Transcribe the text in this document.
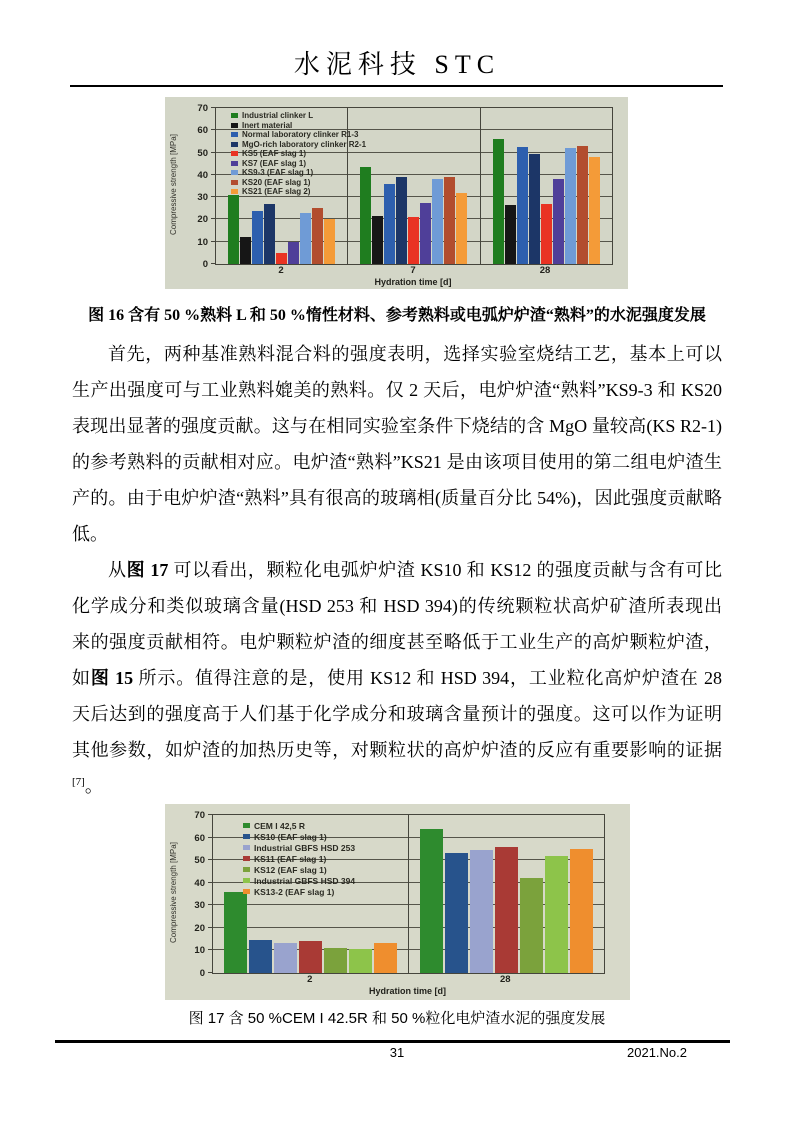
水泥科技 STC
Compressive strength [MPa]
0
10
20
30
40
50
60
70
Industrial clinker L
Inert material
Normal laboratory clinker R1-3
MgO-rich laboratory clinker R2-1
KS5 (EAF slag 1)
KS7 (EAF slag 1)
KS9-3 (EAF slag 1)
KS20 (EAF slag 1)
KS21 (EAF slag 2)
2	7	28
Hydration time [d]
图 16 含有 50 %熟料 L 和 50 %惰性材料、参考熟料或电弧炉炉渣“熟料”的水泥强度发展
首先，两种基准熟料混合料的强度表明，选择实验室烧结工艺，基本上可以
生产出强度可与工业熟料媲美的熟料。仅 2 天后，电炉炉渣“熟料”KS9-3 和 KS20
表现出显著的强度贡献。这与在相同实验室条件下烧结的含 MgO 量较高(KS R2-1)
的参考熟料的贡献相对应。电炉渣“熟料”KS21 是由该项目使用的第二组电炉渣生
产的。由于电炉炉渣“熟料”具有很高的玻璃相(质量百分比 54%)，因此强度贡献略
低。
从图 17 可以看出，颗粒化电弧炉炉渣 KS10 和 KS12 的强度贡献与含有可比
化学成分和类似玻璃含量(HSD 253 和 HSD 394)的传统颗粒状高炉矿渣所表现出
来的强度贡献相符。电炉颗粒炉渣的细度甚至略低于工业生产的高炉颗粒炉渣，
如图 15 所示。值得注意的是，使用 KS12 和 HSD 394，工业粒化高炉炉渣在 28
天后达到的强度高于人们基于化学成分和玻璃含量预计的强度。这可以作为证明
其他参数，如炉渣的加热历史等，对颗粒状的高炉炉渣的反应有重要影响的证据
[7]。
Compressive strength [MPa]
0
10
20
30
40
50
60
70
CEM I 42,5 R
KS10 (EAF slag 1)
Industrial GBFS HSD 253
KS11 (EAF slag 1)
KS12 (EAF slag 1)
Industrial GBFS HSD 394
KS13-2 (EAF slag 1)
2	28
Hydration time [d]
图 17 含 50 %CEM I 42.5R 和 50 %粒化电炉渣水泥的强度发展
31	2021.No.2
